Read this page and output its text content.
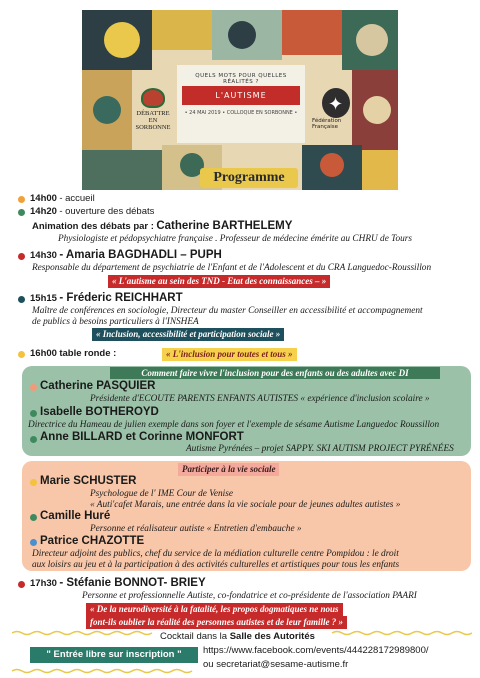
DÉBATTRE EN SORBONNE
QUELS MOTS POUR QUELLES RÉALITÉS ?
L'AUTISME
• 24 MAI 2019 • COLLOQUE EN SORBONNE • ✦
Fédération Française
Programme
14h00 - accueil
14h20 - ouverture des débats
Animation des débats par : Catherine BARTHELEMY
Physiologiste et pédopsychiatre française . Professeur de médecine émérite au CHRU de Tours
14h30 - Amaria BAGDHADLI – PUPH
Responsable du département de psychiatrie de l'Enfant et de l'Adolescent et du CRA Languedoc-Roussillon
« L'autisme au sein des TND - Etat des connaissances – »
15h15 - Fréderic REICHHART
Maître de conférences en sociologie, Directeur du master Conseiller en accessibilité et accompagnement
de publics à besoins particuliers à l'INSHEA
« Inclusion, accessibilité et participation sociale »
16h00 table ronde :	« L'inclusion pour toutes et tous »
Comment faire vivre l'inclusion pour des enfants ou des adultes avec DI
Catherine PASQUIER
Présidente d'ECOUTE PARENTS ENFANTS AUTISTES « expérience d'inclusion scolaire »
Isabelle BOTHEROYD
Directrice du Hameau de julien exemple dans son foyer et l'exemple de sésame Autisme Languedoc Roussillon
Anne BILLARD et Corinne MONFORT
Autisme Pyrénées – projet SAPPY. SKI AUTISM PROJECT PYRÉNÉES
Participer à la vie sociale
Marie SCHUSTER
Psychologue de l' IME Cour de Venise
« Auti'cafet Marais, une entrée dans la vie sociale pour de jeunes adultes autistes »
Camille Huré
Personne et réalisateur autiste « Entretien d'embauche »
Patrice CHAZOTTE
Directeur adjoint des publics, chef du service de la médiation culturelle centre Pompidou : le droit
aux loisirs au jeu et à la participation à des activités culturelles et artistiques pour tous les enfants
17h30 - Stéfanie BONNOT- BRIEY
Personne et professionnelle Autiste, co-fondatrice et co-présidente de l'association PAARI
« De la neurodiversité à la fatalité, les propos dogmatiques ne nous
font-ils oublier la réalité des personnes autistes et de leur famille ? »
Cocktail dans la Salle des Autorités
" Entrée libre sur inscription "	https://www.facebook.com/events/444228172989800/
ou secretariat@sesame-autisme.fr
